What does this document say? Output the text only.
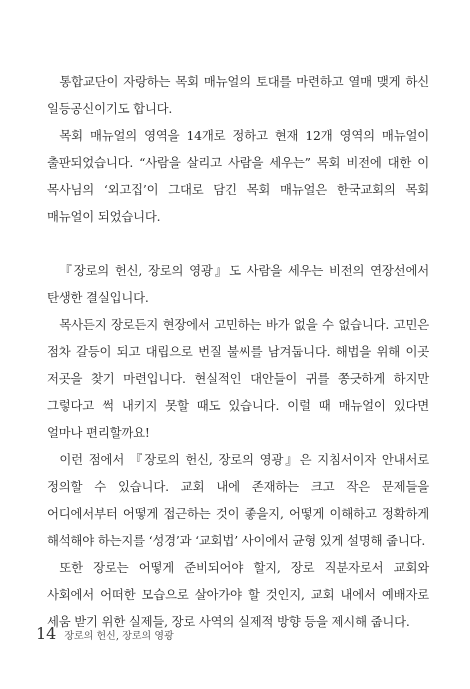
통합교단이 자랑하는 목회 매뉴얼의 토대를 마련하고 열매 맺게 하신 일등공신이기도 합니다.

목회 매뉴얼의 영역을 14개로 정하고 현재 12개 영역의 매뉴얼이 출판되었습니다. “사람을 살리고 사람을 세우는” 목회 비전에 대한 이 목사님의 ‘외고집’이 그대로 담긴 목회 매뉴얼은 한국교회의 목회 매뉴얼이 되었습니다.

『장로의 헌신, 장로의 영광』도 사람을 세우는 비전의 연장선에서 탄생한 결실입니다.

목사든지 장로든지 현장에서 고민하는 바가 없을 수 없습니다. 고민은 점차 갈등이 되고 대립으로 번질 불씨를 남겨둡니다. 해법을 위해 이곳 저곳을 찾기 마련입니다. 현실적인 대안들이 귀를 쫑긋하게 하지만 그렇다고 썩 내키지 못할 때도 있습니다. 이럴 때 매뉴얼이 있다면 얼마나 편리할까요!

이런 점에서 『장로의 헌신, 장로의 영광』은 지침서이자 안내서로 정의할 수 있습니다. 교회 내에 존재하는 크고 작은 문제들을 어디에서부터 어떻게 접근하는 것이 좋을지, 어떻게 이해하고 정확하게 해석해야 하는지를 ‘성경’과 ‘교회법’ 사이에서 균형 있게 설명해 줍니다.

또한 장로는 어떻게 준비되어야 할지, 장로 직분자로서 교회와 사회에서 어떠한 모습으로 살아가야 할 것인지, 교회 내에서 예배자로 세움 받기 위한 실제들, 장로 사역의 실제적 방향 등을 제시해 줍니다.

14 장로의 헌신, 장로의 영광
